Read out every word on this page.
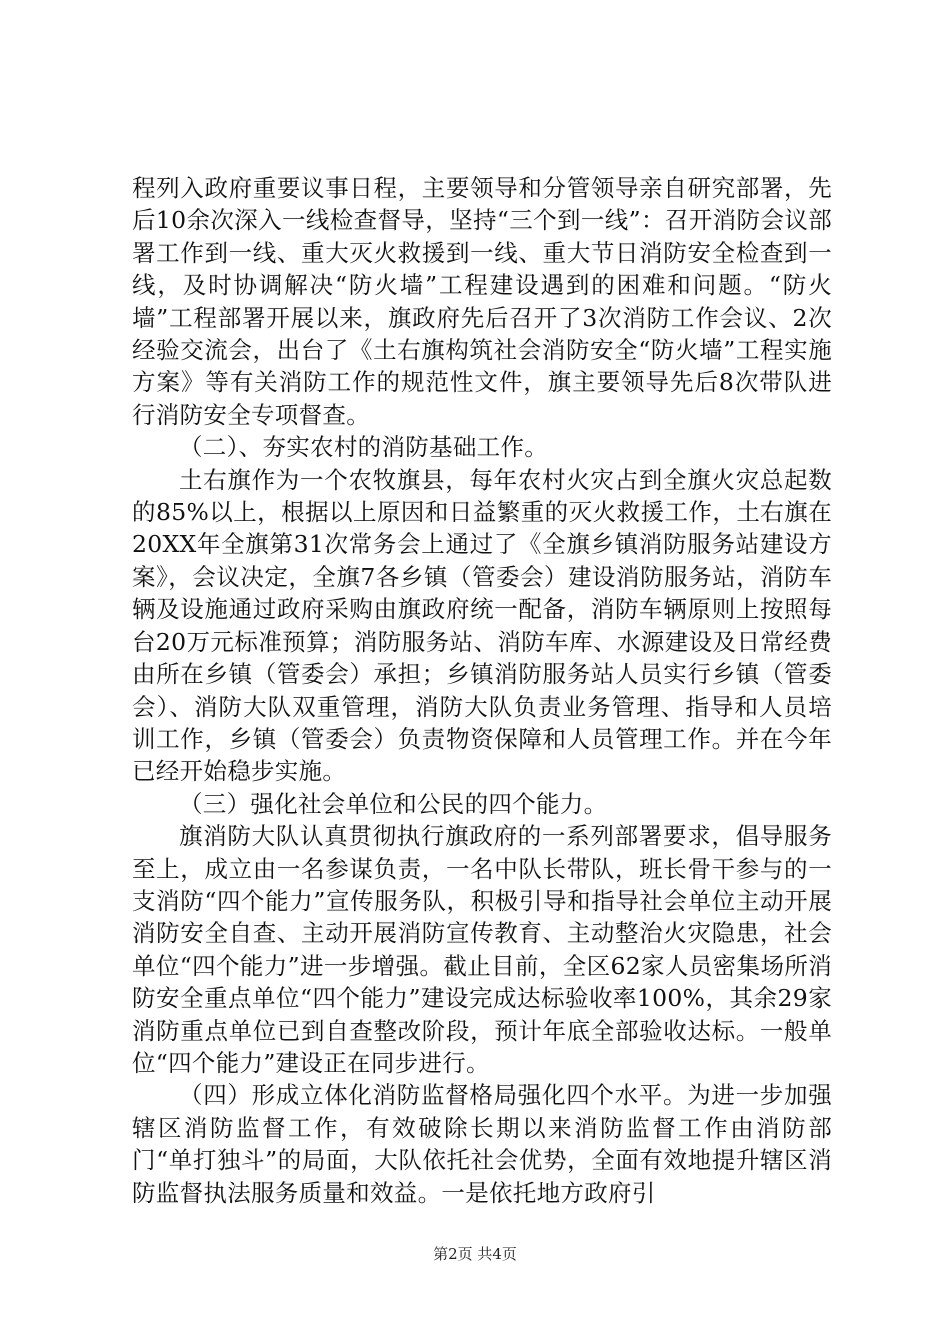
程列入政府重要议事日程，主要领导和分管领导亲自研究部署，先后10余次深入一线检查督导，坚持“三个到一线”：召开消防会议部署工作到一线、重大灭火救援到一线、重大节日消防安全检查到一线，及时协调解决“防火墙”工程建设遇到的困难和问题。“防火墙”工程部署开展以来，旗政府先后召开了3次消防工作会议、2次经验交流会，出台了《土右旗构筑社会消防安全“防火墙”工程实施方案》等有关消防工作的规范性文件，旗主要领导先后8次带队进行消防安全专项督查。

（二）、夯实农村的消防基础工作。

土右旗作为一个农牧旗县，每年农村火灾占到全旗火灾总起数的85%以上，根据以上原因和日益繁重的灭火救援工作，土右旗在20XX年全旗第31次常务会上通过了《全旗乡镇消防服务站建设方案》，会议决定，全旗7各乡镇（管委会）建设消防服务站，消防车辆及设施通过政府采购由旗政府统一配备，消防车辆原则上按照每台20万元标准预算；消防服务站、消防车库、水源建设及日常经费由所在乡镇（管委会）承担；乡镇消防服务站人员实行乡镇（管委会）、消防大队双重管理，消防大队负责业务管理、指导和人员培训工作，乡镇（管委会）负责物资保障和人员管理工作。并在今年已经开始稳步实施。

（三）强化社会单位和公民的四个能力。

旗消防大队认真贯彻执行旗政府的一系列部署要求，倡导服务至上，成立由一名参谋负责，一名中队长带队，班长骨干参与的一支消防“四个能力”宣传服务队，积极引导和指导社会单位主动开展消防安全自查、主动开展消防宣传教育、主动整治火灾隐患，社会单位“四个能力”进一步增强。截止目前，全区62家人员密集场所消防安全重点单位“四个能力”建设完成达标验收率100%，其余29家消防重点单位已到自查整改阶段，预计年底全部验收达标。一般单位“四个能力”建设正在同步进行。

（四）形成立体化消防监督格局强化四个水平。为进一步加强辖区消防监督工作，有效破除长期以来消防监督工作由消防部门“单打独斗”的局面，大队依托社会优势，全面有效地提升辖区消防监督执法服务质量和效益。一是依托地方政府引

第2页 共4页
